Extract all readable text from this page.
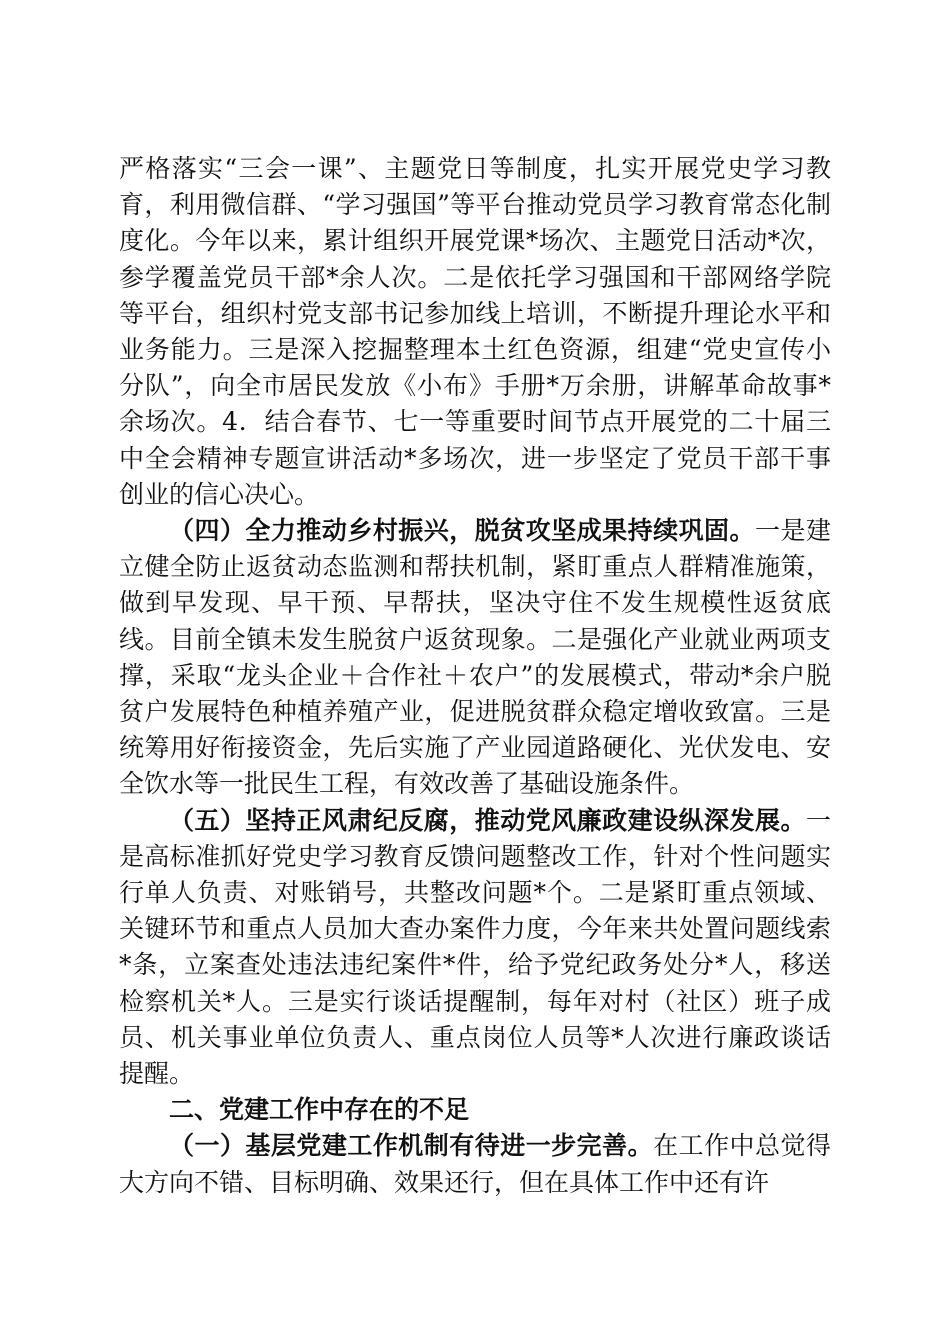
严格落实“三会一课”、主题党日等制度，扎实开展党史学习教育，利用微信群、“学习强国”等平台推动党员学习教育常态化制度化。今年以来，累计组织开展党课*场次、主题党日活动*次，参学覆盖党员干部*余人次。二是依托学习强国和干部网络学院等平台，组织村党支部书记参加线上培训，不断提升理论水平和业务能力。三是深入挖掘整理本土红色资源，组建“党史宣传小分队”，向全市居民发放《小布》手册*万余册，讲解革命故事*余场次。4．结合春节、七一等重要时间节点开展党的二十届三中全会精神专题宣讲活动*多场次，进一步坚定了党员干部干事创业的信心决心。

（四）全力推动乡村振兴，脱贫攻坚成果持续巩固。一是建立健全防止返贫动态监测和帮扶机制，紧盯重点人群精准施策，做到早发现、早干预、早帮扶，坚决守住不发生规模性返贫底线。目前全镇未发生脱贫户返贫现象。二是强化产业就业两项支撑，采取“龙头企业＋合作社＋农户”的发展模式，带动*余户脱贫户发展特色种植养殖产业，促进脱贫群众稳定增收致富。三是统筹用好衔接资金，先后实施了产业园道路硬化、光伏发电、安全饮水等一批民生工程，有效改善了基础设施条件。

（五）坚持正风肃纪反腐，推动党风廉政建设纵深发展。一是高标准抓好党史学习教育反馈问题整改工作，针对个性问题实行单人负责、对账销号，共整改问题*个。二是紧盯重点领域、关键环节和重点人员加大查办案件力度，今年来共处置问题线索*条，立案查处违法违纪案件*件，给予党纪政务处分*人，移送检察机关*人。三是实行谈话提醒制，每年对村（社区）班子成员、机关事业单位负责人、重点岗位人员等*人次进行廉政谈话提醒。

二、党建工作中存在的不足

（一）基层党建工作机制有待进一步完善。在工作中总觉得大方向不错、目标明确、效果还行，但在具体工作中还有许
